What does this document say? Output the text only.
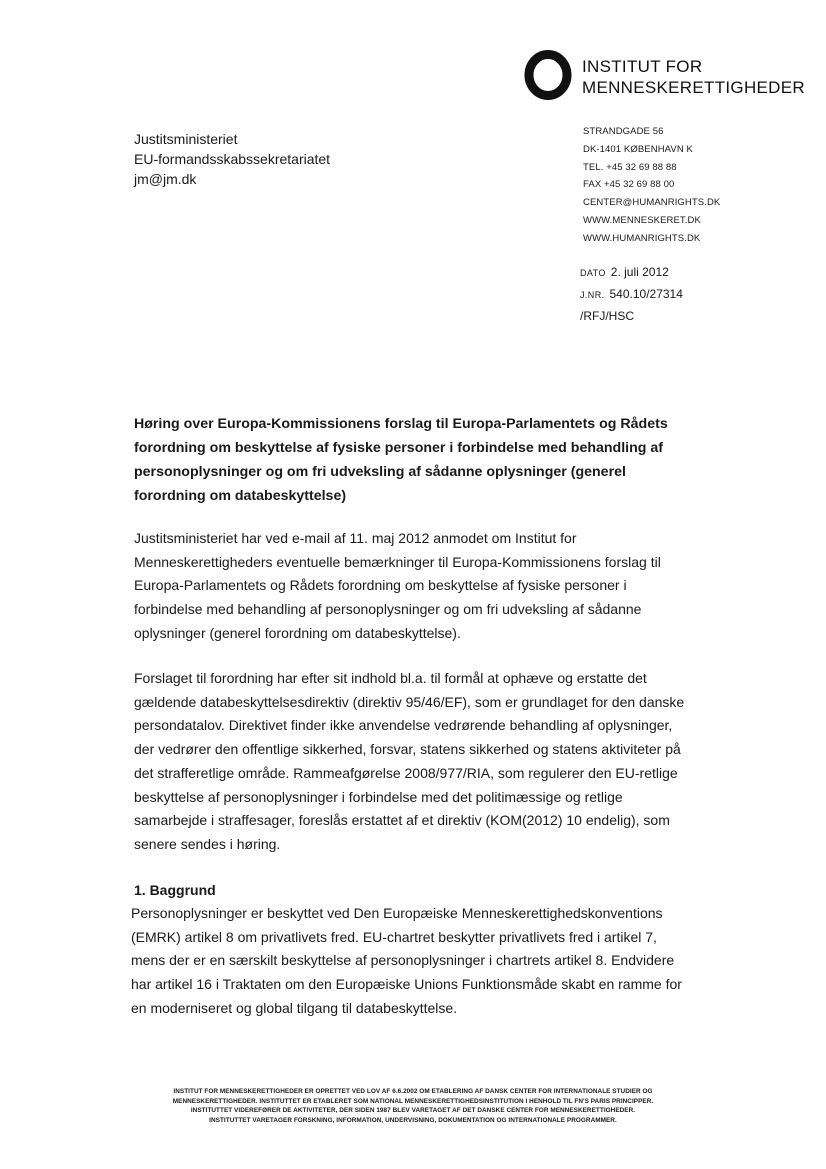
INSTITUT FOR
MENNESKERETTIGHEDER
Justitsministeriet
EU-formandsskabssekretariatet
jm@jm.dk
STRANDGADE 56
DK-1401 KØBENHAVN K
TEL. +45 32 69 88 88
FAX +45 32 69 88 00
CENTER@HUMANRIGHTS.DK
WWW.MENNESKERET.DK
WWW.HUMANRIGHTS.DK
DATO 2. juli 2012
J.NR. 540.10/27314
/RFJ/HSC
Høring over Europa-Kommissionens forslag til Europa-Parlamentets og Rådets
forordning om beskyttelse af fysiske personer i forbindelse med behandling af
personoplysninger og om fri udveksling af sådanne oplysninger (generel
forordning om databeskyttelse)
Justitsministeriet har ved e-mail af 11. maj 2012 anmodet om Institut for
Menneskerettigheders eventuelle bemærkninger til Europa-Kommissionens forslag til
Europa-Parlamentets og Rådets forordning om beskyttelse af fysiske personer i
forbindelse med behandling af personoplysninger og om fri udveksling af sådanne
oplysninger (generel forordning om databeskyttelse).
Forslaget til forordning har efter sit indhold bl.a. til formål at ophæve og erstatte det
gældende databeskyttelsesdirektiv (direktiv 95/46/EF), som er grundlaget for den danske
persondatalov. Direktivet finder ikke anvendelse vedrørende behandling af oplysninger,
der vedrører den offentlige sikkerhed, forsvar, statens sikkerhed og statens aktiviteter på
det strafferetlige område. Rammeafgørelse 2008/977/RIA, som regulerer den EU-retlige
beskyttelse af personoplysninger i forbindelse med det politimæssige og retlige
samarbejde i straffesager, foreslås erstattet af et direktiv (KOM(2012) 10 endelig), som
senere sendes i høring.
1. Baggrund
Personoplysninger er beskyttet ved Den Europæiske Menneskerettighedskonventions
(EMRK) artikel 8 om privatlivets fred. EU-chartret beskytter privatlivets fred i artikel 7,
mens der er en særskilt beskyttelse af personoplysninger i chartrets artikel 8. Endvidere
har artikel 16 i Traktaten om den Europæiske Unions Funktionsmåde skabt en ramme for
en moderniseret og global tilgang til databeskyttelse.
INSTITUT FOR MENNESKERETTIGHEDER ER OPRETTET VED LOV AF 6.6.2002 OM ETABLERING AF DANSK CENTER FOR INTERNATIONALE STUDIER OG
MENNESKERETTIGHEDER. INSTITUTTET ER ETABLERET SOM NATIONAL MENNESKERETTIGHEDSINSTITUTION I HENHOLD TIL FN'S PARIS PRINCIPPER.
INSTITUTTET VIDEREFØRER DE AKTIVITETER, DER SIDEN 1987 BLEV VARETAGET AF DET DANSKE CENTER FOR MENNESKERETTIGHEDER.
INSTITUTTET VARETAGER FORSKNING, INFORMATION, UNDERVISNING, DOKUMENTATION OG INTERNATIONALE PROGRAMMER.
